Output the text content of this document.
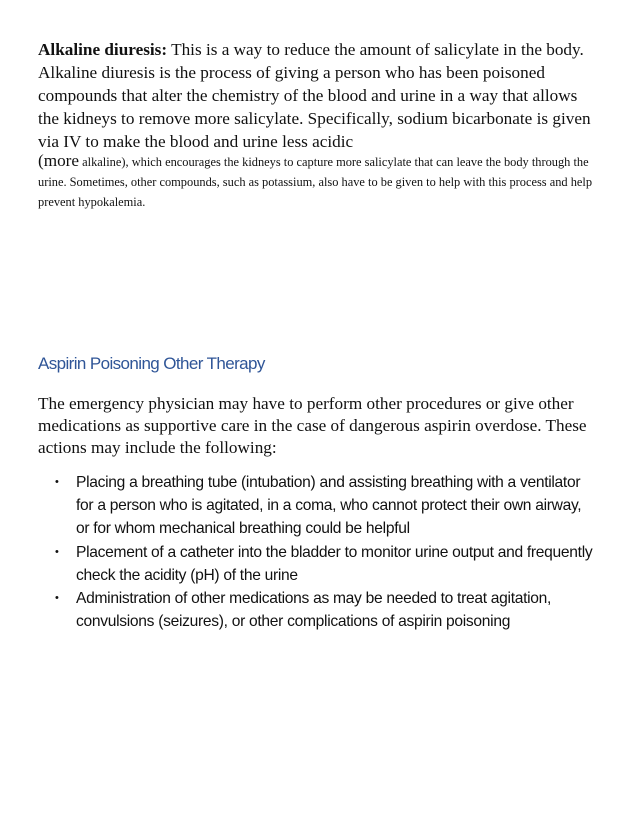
Alkaline diuresis: This is a way to reduce the amount of salicylate in the body. Alkaline diuresis is the process of giving a person who has been poisoned compounds that alter the chemistry of the blood and urine in a way that allows the kidneys to remove more salicylate. Specifically, sodium bicarbonate is given via IV to make the blood and urine less acidic

(more alkaline), which encourages the kidneys to capture more salicylate that can leave the body through the urine. Sometimes, other compounds, such as potassium, also have to be given to help with this process and help prevent hypokalemia.

Aspirin Poisoning Other Therapy

The emergency physician may have to perform other procedures or give other medications as supportive care in the case of dangerous aspirin overdose. These actions may include the following:

• Placing a breathing tube (intubation) and assisting breathing with a ventilator for a person who is agitated, in a coma, who cannot protect their own airway, or for whom mechanical breathing could be helpful
• Placement of a catheter into the bladder to monitor urine output and frequently check the acidity (pH) of the urine
• Administration of other medications as may be needed to treat agitation, convulsions (seizures), or other complications of aspirin poisoning
